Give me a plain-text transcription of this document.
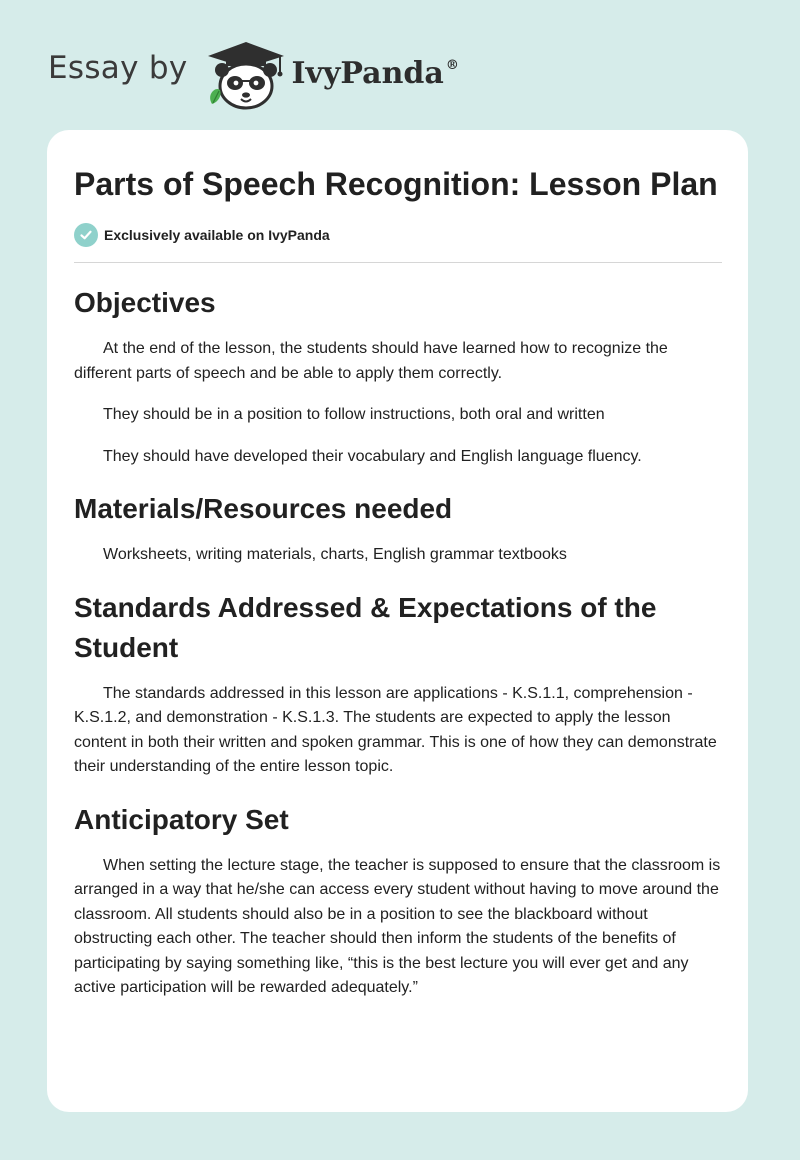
Essay by	IvyPanda ®
Parts of Speech Recognition: Lesson Plan
Exclusively available on IvyPanda
Objectives

At the end of the lesson, the students should have learned how to recognize the different parts of speech and be able to apply them correctly.

They should be in a position to follow instructions, both oral and written

They should have developed their vocabulary and English language fluency.

Materials/Resources needed

Worksheets, writing materials, charts, English grammar textbooks

Standards Addressed & Expectations of the Student

The standards addressed in this lesson are applications - K.S.1.1, comprehension - K.S.1.2, and demonstration - K.S.1.3. The students are expected to apply the lesson content in both their written and spoken grammar. This is one of how they can demonstrate their understanding of the entire lesson topic.

Anticipatory Set

When setting the lecture stage, the teacher is supposed to ensure that the classroom is arranged in a way that he/she can access every student without having to move around the classroom. All students should also be in a position to see the blackboard without obstructing each other. The teacher should then inform the students of the benefits of participating by saying something like, “this is the best lecture you will ever get and any active participation will be rewarded adequately.”
